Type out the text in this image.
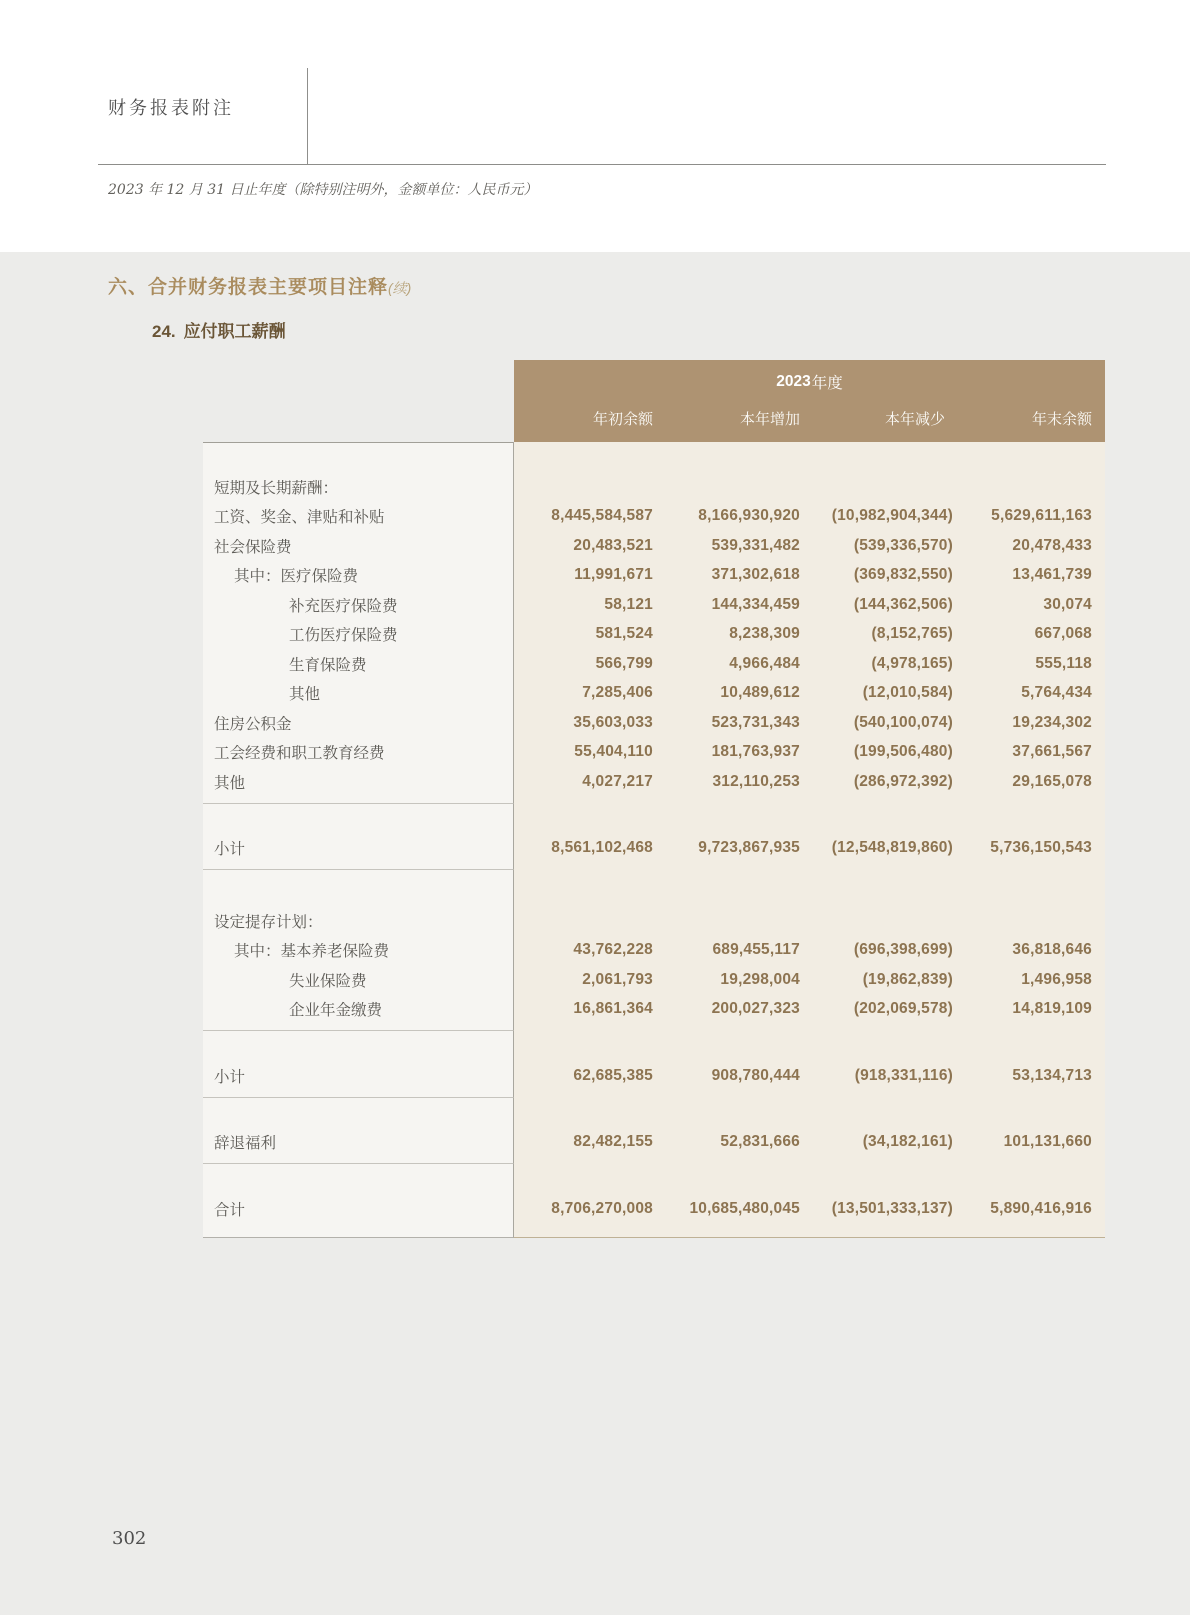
财务报表附注
2023 年 12 月 31 日止年度（除特别注明外，金额单位：人民币元）
六、合并财务报表主要项目注释(续)
24. 应付职工薪酬
2023 年度
年初余额	本年增加	本年减少	年末余额
短期及长期薪酬：
工资、奖金、津贴和补贴	8,445,584,587	8,166,930,920	(10,982,904,344)	5,629,611,163
社会保险费	20,483,521	539,331,482	(539,336,570)	20,478,433
其中：医疗保险费	11,991,671	371,302,618	(369,832,550)	13,461,739
补充医疗保险费	58,121	144,334,459	(144,362,506)	30,074
工伤医疗保险费	581,524	8,238,309	(8,152,765)	667,068
生育保险费	566,799	4,966,484	(4,978,165)	555,118
其他	7,285,406	10,489,612	(12,010,584)	5,764,434
住房公积金	35,603,033	523,731,343	(540,100,074)	19,234,302
工会经费和职工教育经费	55,404,110	181,763,937	(199,506,480)	37,661,567
其他	4,027,217	312,110,253	(286,972,392)	29,165,078
小计	8,561,102,468	9,723,867,935	(12,548,819,860)	5,736,150,543
设定提存计划：
其中：基本养老保险费	43,762,228	689,455,117	(696,398,699)	36,818,646
失业保险费	2,061,793	19,298,004	(19,862,839)	1,496,958
企业年金缴费	16,861,364	200,027,323	(202,069,578)	14,819,109
小计	62,685,385	908,780,444	(918,331,116)	53,134,713
辞退福利	82,482,155	52,831,666	(34,182,161)	101,131,660
合计	8,706,270,008	10,685,480,045	(13,501,333,137)	5,890,416,916
302
